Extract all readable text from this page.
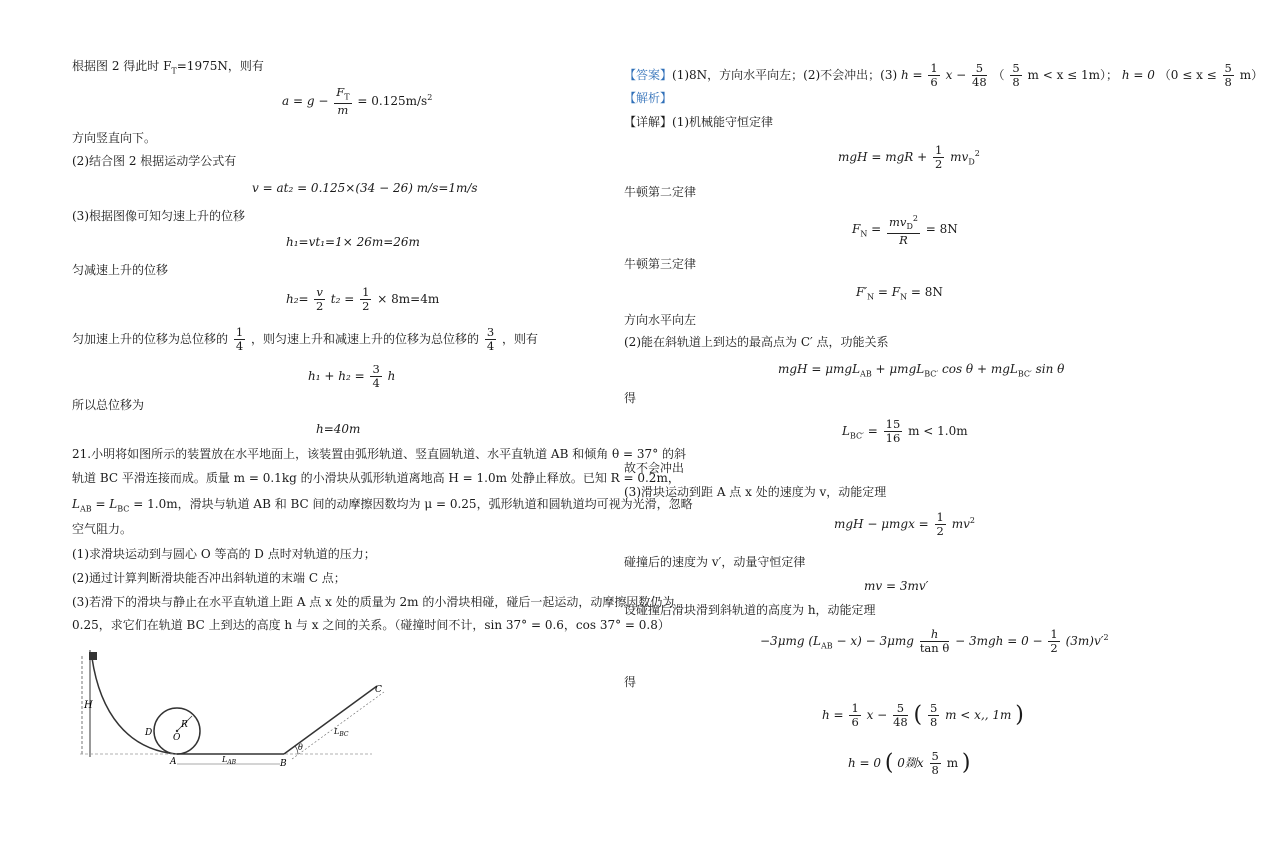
根据图 2 得此时 $F_T=1975N$，则有
$a = g - \frac{F_T}{m} = 0.125m/s^2$
方向竖直向下。
(2)结合图 2 根据运动学公式有
v = at₂ = 0.125×(34 − 26) m/s=1m/s
(3)根据图像可知匀速上升的位移
h₁=vt₁=1× 26m=26m
匀减速上升的位移
$h_2= \frac{v}{2} t_2 = \frac{1}{2} \times 8m=4m$
匀加速上升的位移为总位移的 $\frac{1}{4}$ ，则匀速上升和减速上升的位移为总位移的 $\frac{3}{4}$ ，则有
$h_1 + h_2 = \frac{3}{4}$ h
所以总位移为
h=40m
21.小明将如图所示的装置放在水平地面上，该装置由弧形轨道、竖直圆轨道、水平直轨道 AB 和倾角 θ = 37° 的斜
轨道 BC 平滑连接而成。质量 m = 0.1kg 的小滑块从弧形轨道离地高 H = 1.0m 处静止释放。已知 R = 0.2m，
$L_{AB} = L_{BC} = 1.0m$，滑块与轨道 AB 和 BC 间的动摩擦因数均为 μ = 0.25，弧形轨道和圆轨道均可视为光滑，忽略
空气阻力。
(1)求滑块运动到与圆心 O 等高的 D 点时对轨道的压力；
(2)通过计算判断滑块能否冲出斜轨道的末端 C 点；
(3)若滑下的滑块与静止在水平直轨道上距 A 点 x 处的质量为 2m 的小滑块相碰，碰后一起运动，动摩擦因数仍为
0.25，求它们在轨道 BC 上到达的高度 h 与 x 之间的关系。（碰撞时间不计，sin 37° = 0.6，cos 37° = 0.8）
H
R
O
D	$L_{BC}$
θ
A	B
C
$L_{AB}$
【答案】(1)8N，方向水平向左；(2)不会冲出；(3) $h = \frac{1}{6}$ $x - \frac{5}{48}$ （ $\frac{5}{8}$ m < x ≤ 1m）； h = 0 $(0 \le x \le \frac{5}{8} m)$
【解析】
【详解】(1)机械能守恒定律
mgH = mgR + $\frac{1}{2} mv_D^2$
牛顿第二定律
$F_N = \frac{mv_D^2}{R} = 8N$
牛顿第三定律
$F'_N = F_N = 8N$
方向水平向左
(2)能在斜轨道上到达的最高点为 C′ 点，功能关系
mgH = μmgL$_{AB}$ + μmgL$_{BC'}$ cos θ + mgL$_{BC'}$ sin θ
得
$L_{BC'} = \frac{15}{16}$ m < 1.0m
故不会冲出
(3)滑块运动到距 A 点 x 处的速度为 v，动能定理
mgH − $\mu mgx = \frac{1}{2} mv^2$
碰撞后的速度为 v′，动量守恒定律
mv = 3mv′
设碰撞后滑块滑到斜轨道的高度为 h，动能定理
−3μmg $(L_{AB} - x) - 3\mu mg \frac{h}{\text{tan θ}} - 3mgh = 0 - \frac{1}{2} (3m)v'^2$
得
$h = \frac{1}{6}$ $x - \frac{5}{48}$ ( $\frac{5}{8}$ m < x,, 1m )
h = 0 ( 0剟x $\frac{5}{8}$ m )
